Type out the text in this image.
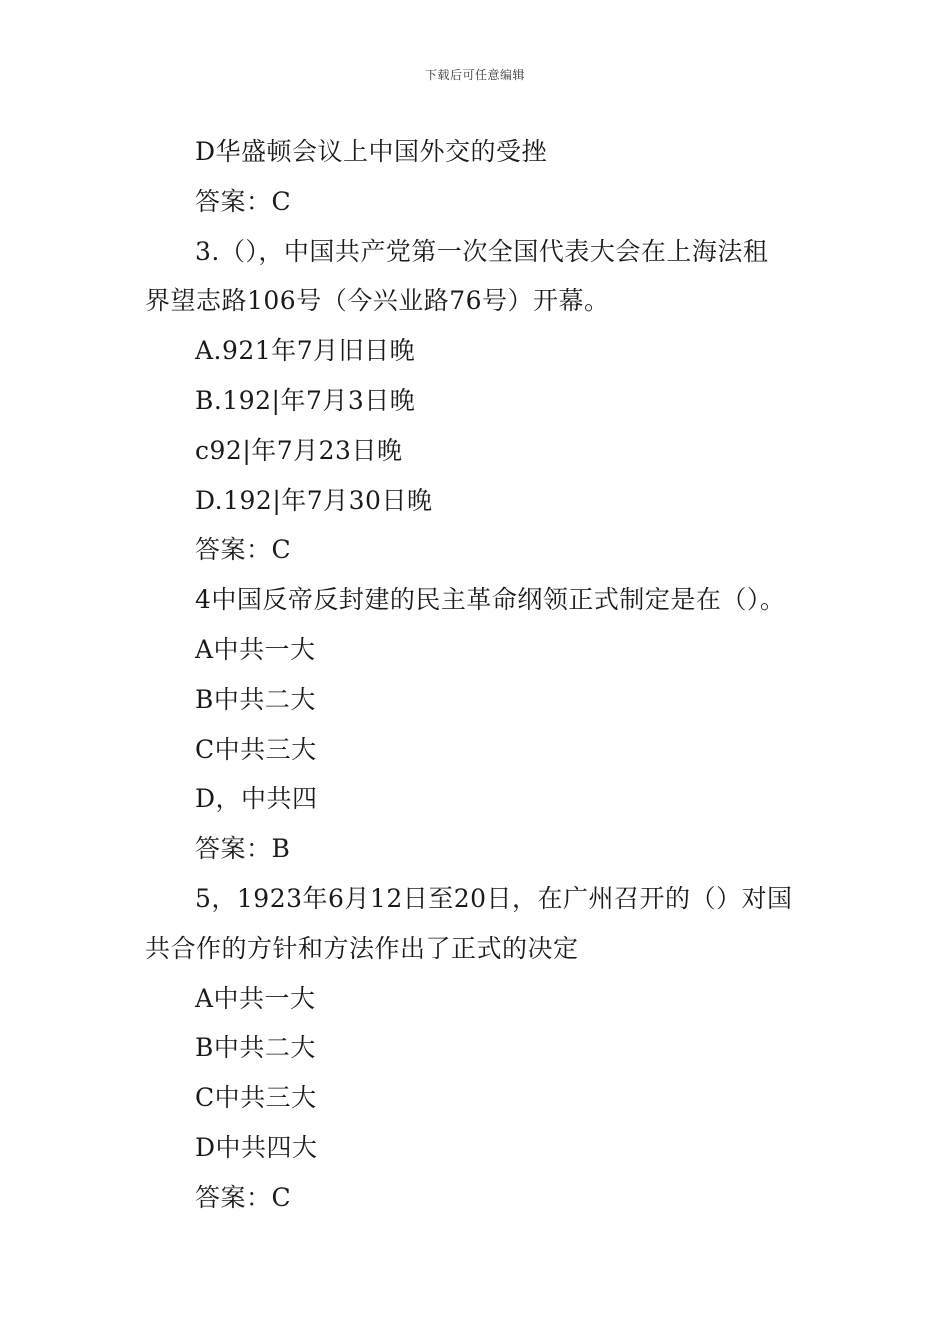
下载后可任意编辑
D华盛顿会议上中国外交的受挫
答案：C
3.（），中国共产党第一次全国代表大会在上海法租
界望志路106号（今兴业路76号）开幕。
A.921年7月旧日晚
B.192|年7月3日晚
c92|年7月23日晚
D.192|年7月30日晚
答案：C
4中国反帝反封建的民主革命纲领正式制定是在（）。
A中共一大
B中共二大
C中共三大
D，中共四
答案：B
5，1923年6月12日至20日，在广州召开的（）对国
共合作的方针和方法作出了正式的决定
A中共一大
B中共二大
C中共三大
D中共四大
答案：C
